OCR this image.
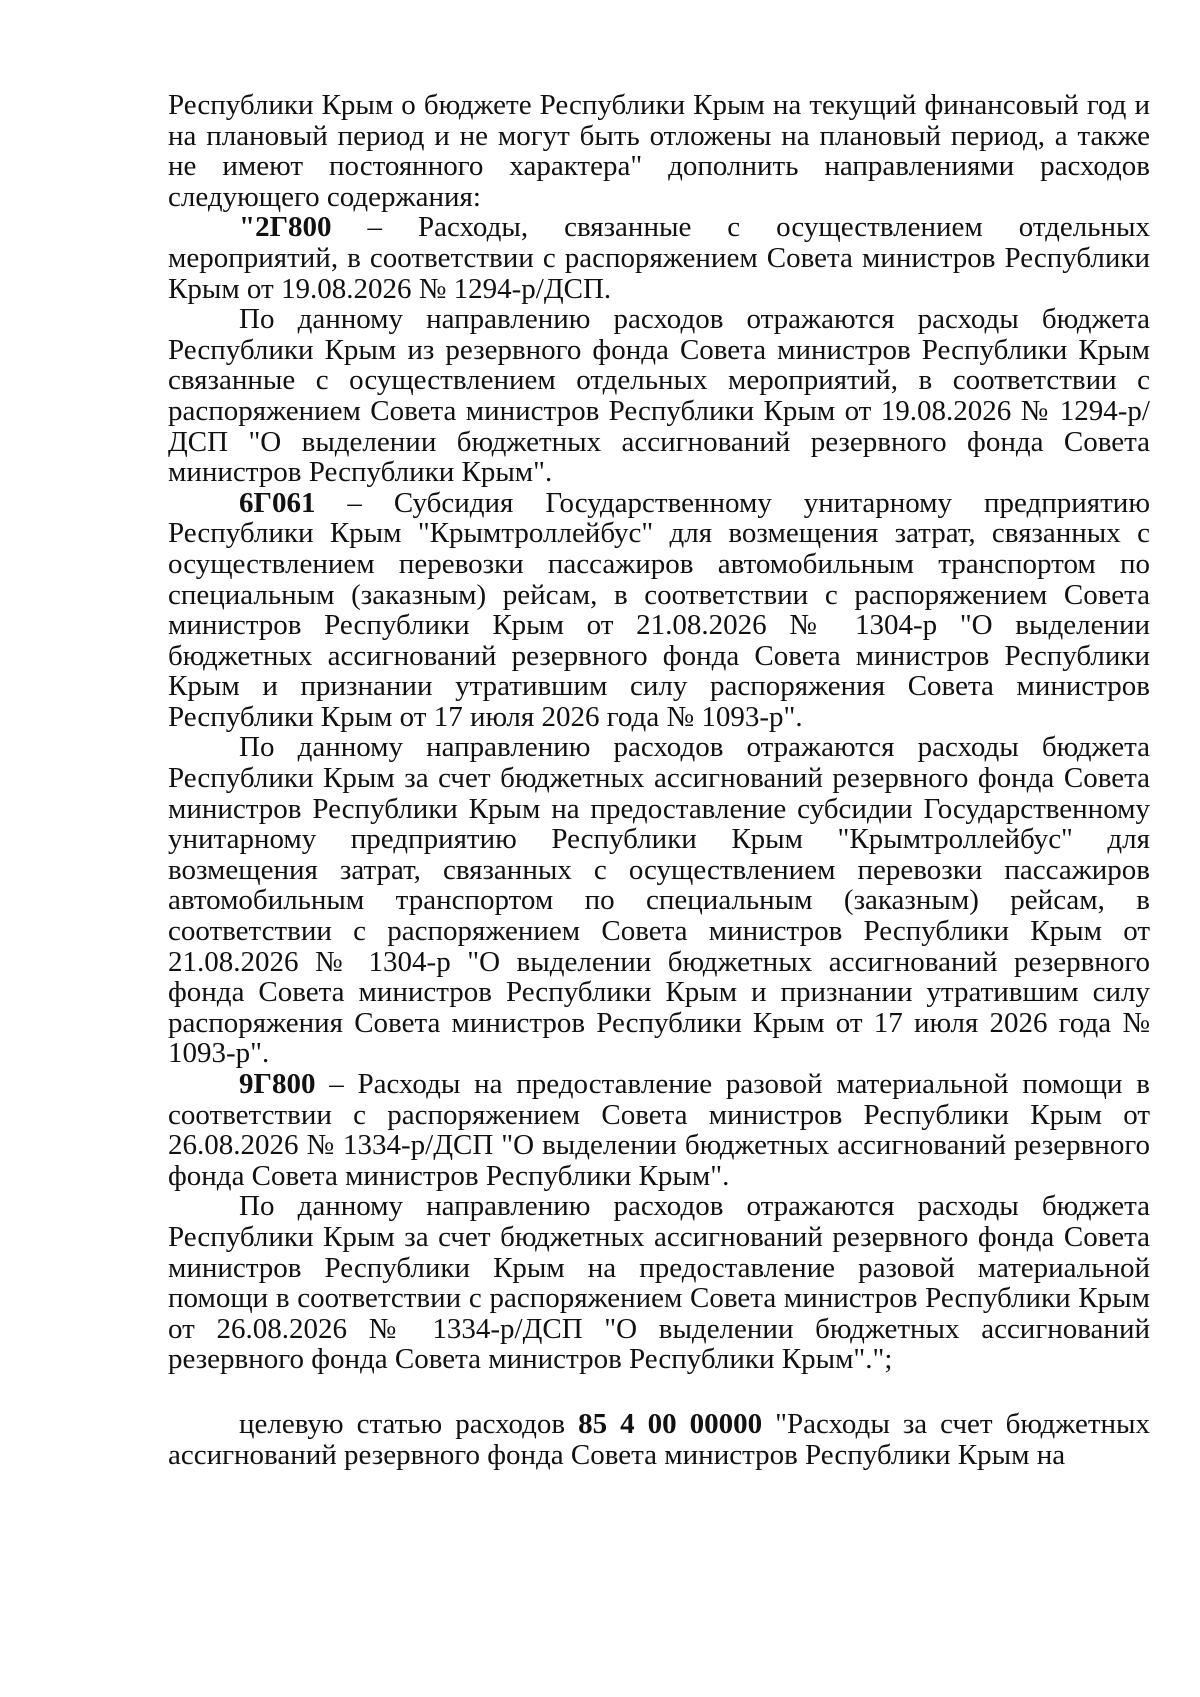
Республики Крым о бюджете Республики Крым на текущий финансовый год и на плановый период и не могут быть отложены на плановый период, а также не имеют постоянного характера" дополнить направлениями расходов следующего содержания:

"2Г800 – Расходы, связанные с осуществлением отдельных мероприятий, в соответствии с распоряжением Совета министров Республики Крым от 19.08.2026 № 1294-р/ДСП.

По данному направлению расходов отражаются расходы бюджета Республики Крым из резервного фонда Совета министров Республики Крым связанные с осуществлением отдельных мероприятий, в соответствии с распоряжением Совета министров Республики Крым от 19.08.2026 № 1294-р/ДСП "О выделении бюджетных ассигнований резервного фонда Совета министров Республики Крым".

6Г061 – Субсидия Государственному унитарному предприятию Республики Крым "Крымтроллейбус" для возмещения затрат, связанных с осуществлением перевозки пассажиров автомобильным транспортом по специальным (заказным) рейсам, в соответствии с распоряжением Совета министров Республики Крым от 21.08.2026 № 1304-р "О выделении бюджетных ассигнований резервного фонда Совета министров Республики Крым и признании утратившим силу распоряжения Совета министров Республики Крым от 17 июля 2026 года № 1093-р".

По данному направлению расходов отражаются расходы бюджета Республики Крым за счет бюджетных ассигнований резервного фонда Совета министров Республики Крым на предоставление субсидии Государственному унитарному предприятию Республики Крым "Крымтроллейбус" для возмещения затрат, связанных с осуществлением перевозки пассажиров автомобильным транспортом по специальным (заказным) рейсам, в соответствии с распоряжением Совета министров Республики Крым от 21.08.2026 № 1304-р "О выделении бюджетных ассигнований резервного фонда Совета министров Республики Крым и признании утратившим силу распоряжения Совета министров Республики Крым от 17 июля 2026 года № 1093-р".

9Г800 – Расходы на предоставление разовой материальной помощи в соответствии с распоряжением Совета министров Республики Крым от 26.08.2026 № 1334-р/ДСП "О выделении бюджетных ассигнований резервного фонда Совета министров Республики Крым".

По данному направлению расходов отражаются расходы бюджета Республики Крым за счет бюджетных ассигнований резервного фонда Совета министров Республики Крым на предоставление разовой материальной помощи в соответствии с распоряжением Совета министров Республики Крым от 26.08.2026 № 1334-р/ДСП "О выделении бюджетных ассигнований резервного фонда Совета министров Республики Крым".";

целевую статью расходов 85 4 00 00000 "Расходы за счет бюджетных ассигнований резервного фонда Совета министров Республики Крым на
